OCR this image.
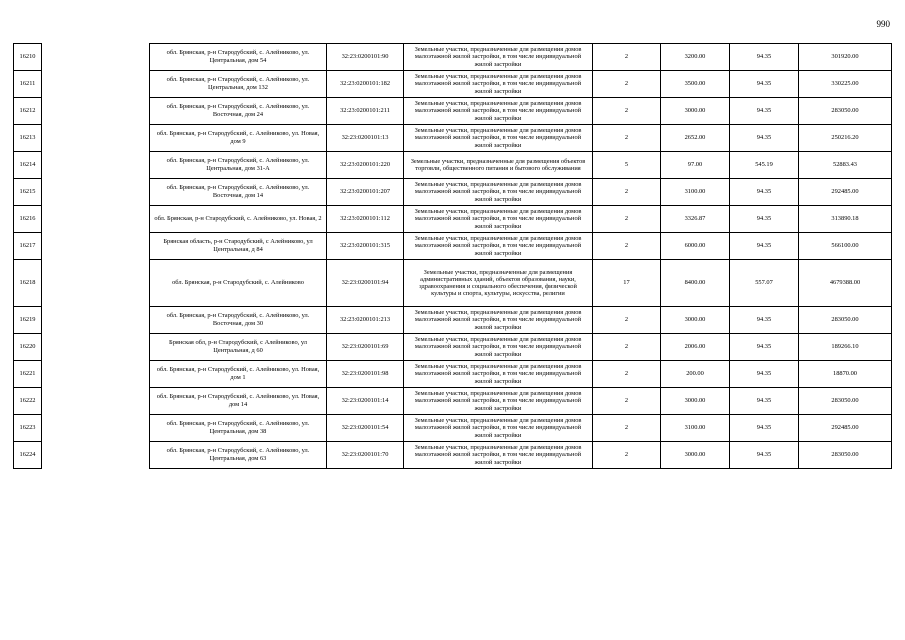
990
16210		обл. Брянская, р-н Стародубский, с. Алейниково, ул. Центральная, дом 54	32:23:0200101:90	Земельные участки, предназначенные для размещения домов малоэтажной жилой застройки, в том числе индивидуальной жилой застройки	2	3200.00	94.35	301920.00
16211		обл. Брянская, р-н Стародубский, с. Алейниково, ул. Центральная, дом 132	32:23:0200101:182	Земельные участки, предназначенные для размещения домов малоэтажной жилой застройки, в том числе индивидуальной жилой застройки	2	3500.00	94.35	330225.00
16212		обл. Брянская, р-н Стародубский, с. Алейниково, ул. Восточная, дом 24	32:23:0200101:211	Земельные участки, предназначенные для размещения домов малоэтажной жилой застройки, в том числе индивидуальной жилой застройки	2	3000.00	94.35	283050.00
16213		обл. Брянская, р-н Стародубский, с. Алейниково, ул. Новая, дом 9	32:23:0200101:13	Земельные участки, предназначенные для размещения домов малоэтажной жилой застройки, в том числе индивидуальной жилой застройки	2	2652.00	94.35	250216.20
16214		обл. Брянская, р-н Стародубский, с. Алейниково, ул. Центральная, дом 31-А	32:23:0200101:220	Земельные участки, предназначенные для размещения объектов торговли, общественного питания и бытового обслуживания	5	97.00	545.19	52883.43
16215		обл. Брянская, р-н Стародубский, с. Алейниково, ул. Восточная, дом 14	32:23:0200101:207	Земельные участки, предназначенные для размещения домов малоэтажной жилой застройки, в том числе индивидуальной жилой застройки	2	3100.00	94.35	292485.00
16216		обл. Брянская, р-н Стародубский, с. Алейниково, ул. Новая, 2	32:23:0200101:112	Земельные участки, предназначенные для размещения домов малоэтажной жилой застройки, в том числе индивидуальной жилой застройки	2	3326.87	94.35	313890.18
16217		Брянская область, р-н Стародубский, с Алейниково, ул Центральная, д 84	32:23:0200101:315	Земельные участки, предназначенные для размещения домов малоэтажной жилой застройки, в том числе индивидуальной жилой застройки	2	6000.00	94.35	566100.00
16218		обл. Брянская, р-н Стародубский, с. Алейниково	32:23:0200101:94	Земельные участки, предназначенные для размещения административных зданий, объектов образования, науки, здравоохранения и социального обеспечения, физической культуры и спорта, культуры, искусства, религии	17	8400.00	557.07	4679388.00
16219		обл. Брянская, р-н Стародубский, с. Алейниково, ул. Восточная, дом 30	32:23:0200101:213	Земельные участки, предназначенные для размещения домов малоэтажной жилой застройки, в том числе индивидуальной жилой застройки	2	3000.00	94.35	283050.00
16220		Брянская обл, р-н Стародубский, с Алейниково, ул Центральная, д 60	32:23:0200101:69	Земельные участки, предназначенные для размещения домов малоэтажной жилой застройки, в том числе индивидуальной жилой застройки	2	2006.00	94.35	189266.10
16221		обл. Брянская, р-н Стародубский, с. Алейниково, ул. Новая, дом 1	32:23:0200101:98	Земельные участки, предназначенные для размещения домов малоэтажной жилой застройки, в том числе индивидуальной жилой застройки	2	200.00	94.35	18870.00
16222		обл. Брянская, р-н Стародубский, с. Алейниково, ул. Новая, дом 14	32:23:0200101:14	Земельные участки, предназначенные для размещения домов малоэтажной жилой застройки, в том числе индивидуальной жилой застройки	2	3000.00	94.35	283050.00
16223		обл. Брянская, р-н Стародубский, с. Алейниково, ул. Центральная, дом 38	32:23:0200101:54	Земельные участки, предназначенные для размещения домов малоэтажной жилой застройки, в том числе индивидуальной жилой застройки	2	3100.00	94.35	292485.00
16224		обл. Брянская, р-н Стародубский, с. Алейниково, ул. Центральная, дом 63	32:23:0200101:70	Земельные участки, предназначенные для размещения домов малоэтажной жилой застройки, в том числе индивидуальной жилой застройки	2	3000.00	94.35	283050.00
